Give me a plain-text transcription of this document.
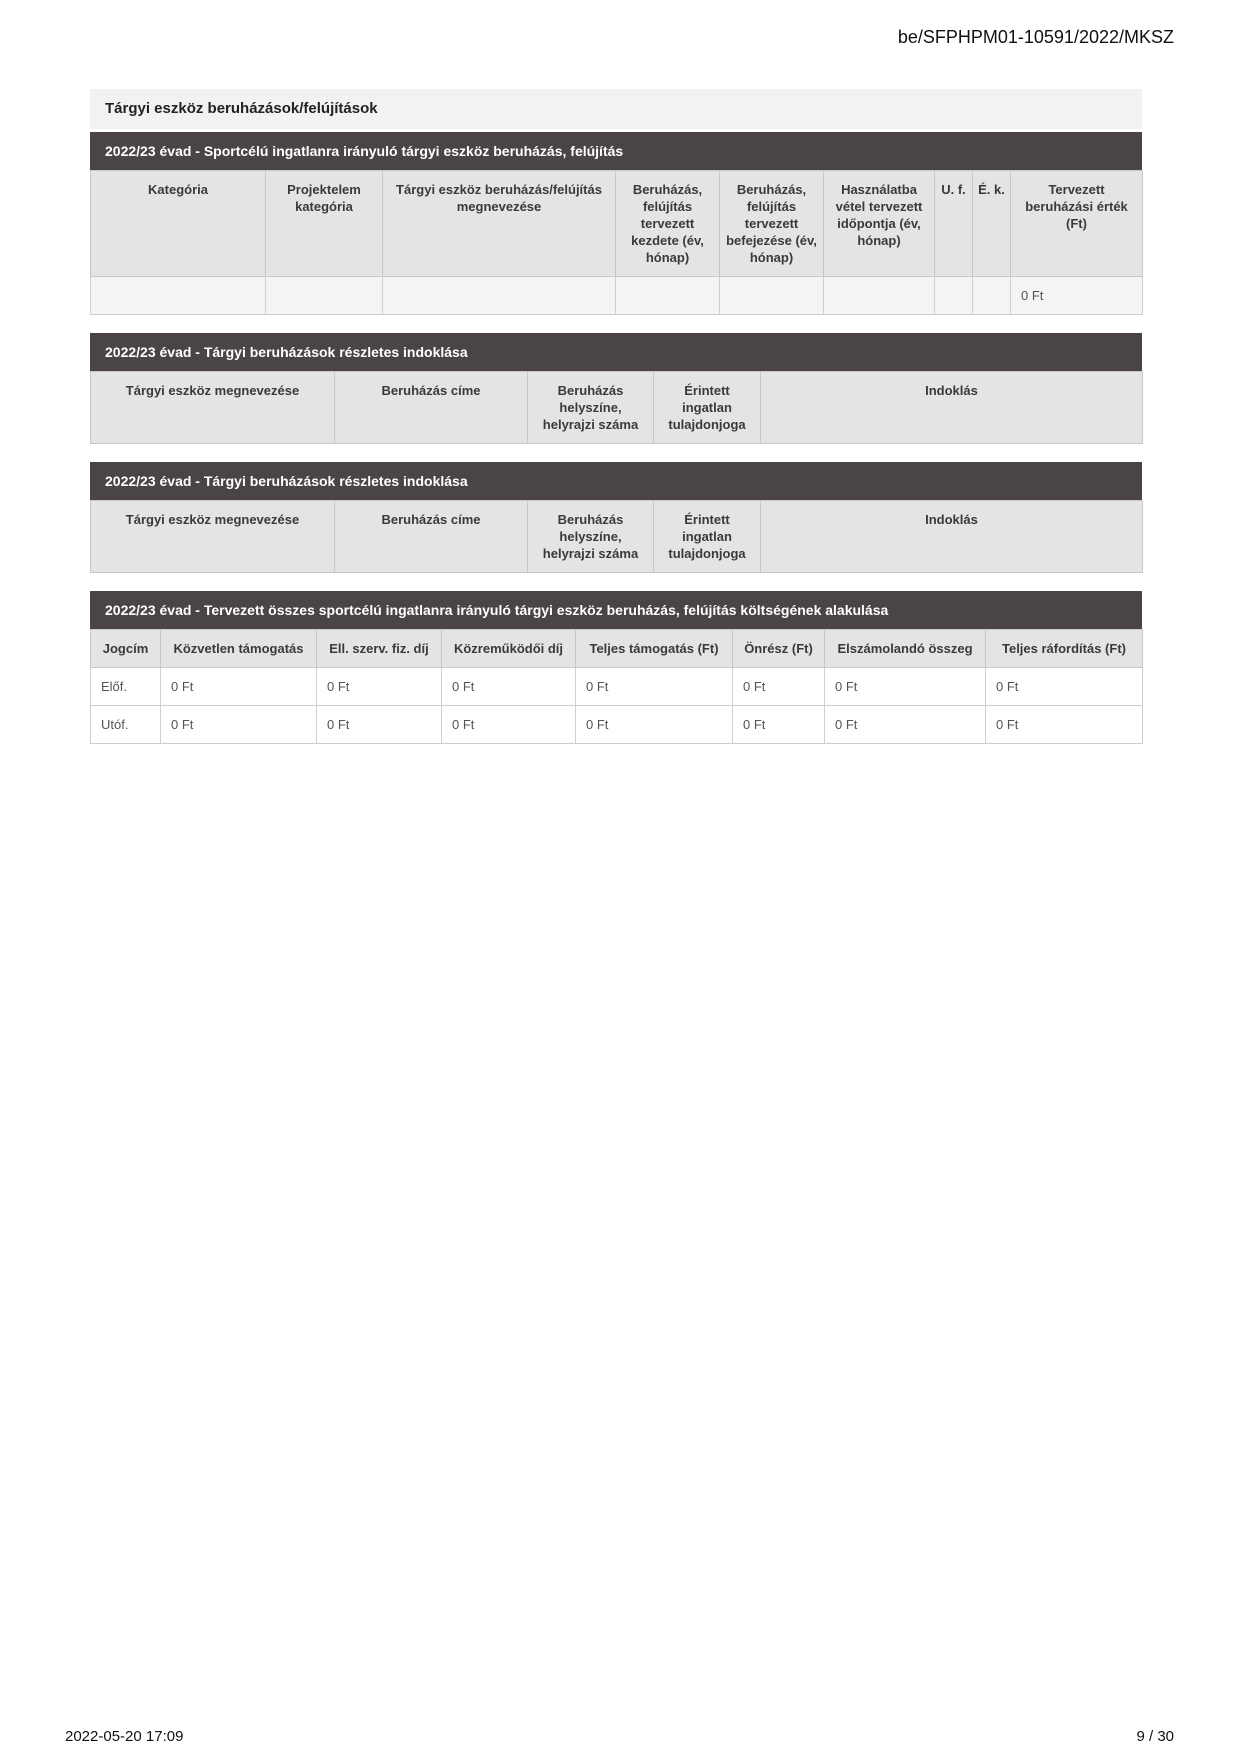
be/SFPHPM01-10591/2022/MKSZ
Tárgyi eszköz beruházások/felújítások
2022/23 évad - Sportcélú ingatlanra irányuló tárgyi eszköz beruházás, felújítás
Kategória	Projektelem kategória	Tárgyi eszköz beruházás/felújítás megnevezése	Beruházás, felújítás tervezett kezdete (év, hónap)	Beruházás, felújítás tervezett befejezése (év, hónap)	Használatba vétel tervezett időpontja (év, hónap)	U. f.	É. k.	Tervezett beruházási érték (Ft)
								0 Ft
2022/23 évad - Tárgyi beruházások részletes indoklása
Tárgyi eszköz megnevezése	Beruházás címe	Beruházás helyszíne, helyrajzi száma	Érintett ingatlan tulajdonjoga	Indoklás
2022/23 évad - Tárgyi beruházások részletes indoklása
Tárgyi eszköz megnevezése	Beruházás címe	Beruházás helyszíne, helyrajzi száma	Érintett ingatlan tulajdonjoga	Indoklás
2022/23 évad - Tervezett összes sportcélú ingatlanra irányuló tárgyi eszköz beruházás, felújítás költségének alakulása
Jogcím	Közvetlen támogatás	Ell. szerv. fiz. díj	Közreműködői díj	Teljes támogatás (Ft)	Önrész (Ft)	Elszámolandó összeg	Teljes ráfordítás (Ft)
Előf.	0 Ft	0 Ft	0 Ft	0 Ft	0 Ft	0 Ft	0 Ft
Utóf.	0 Ft	0 Ft	0 Ft	0 Ft	0 Ft	0 Ft	0 Ft
2022-05-20 17:09	9 / 30
